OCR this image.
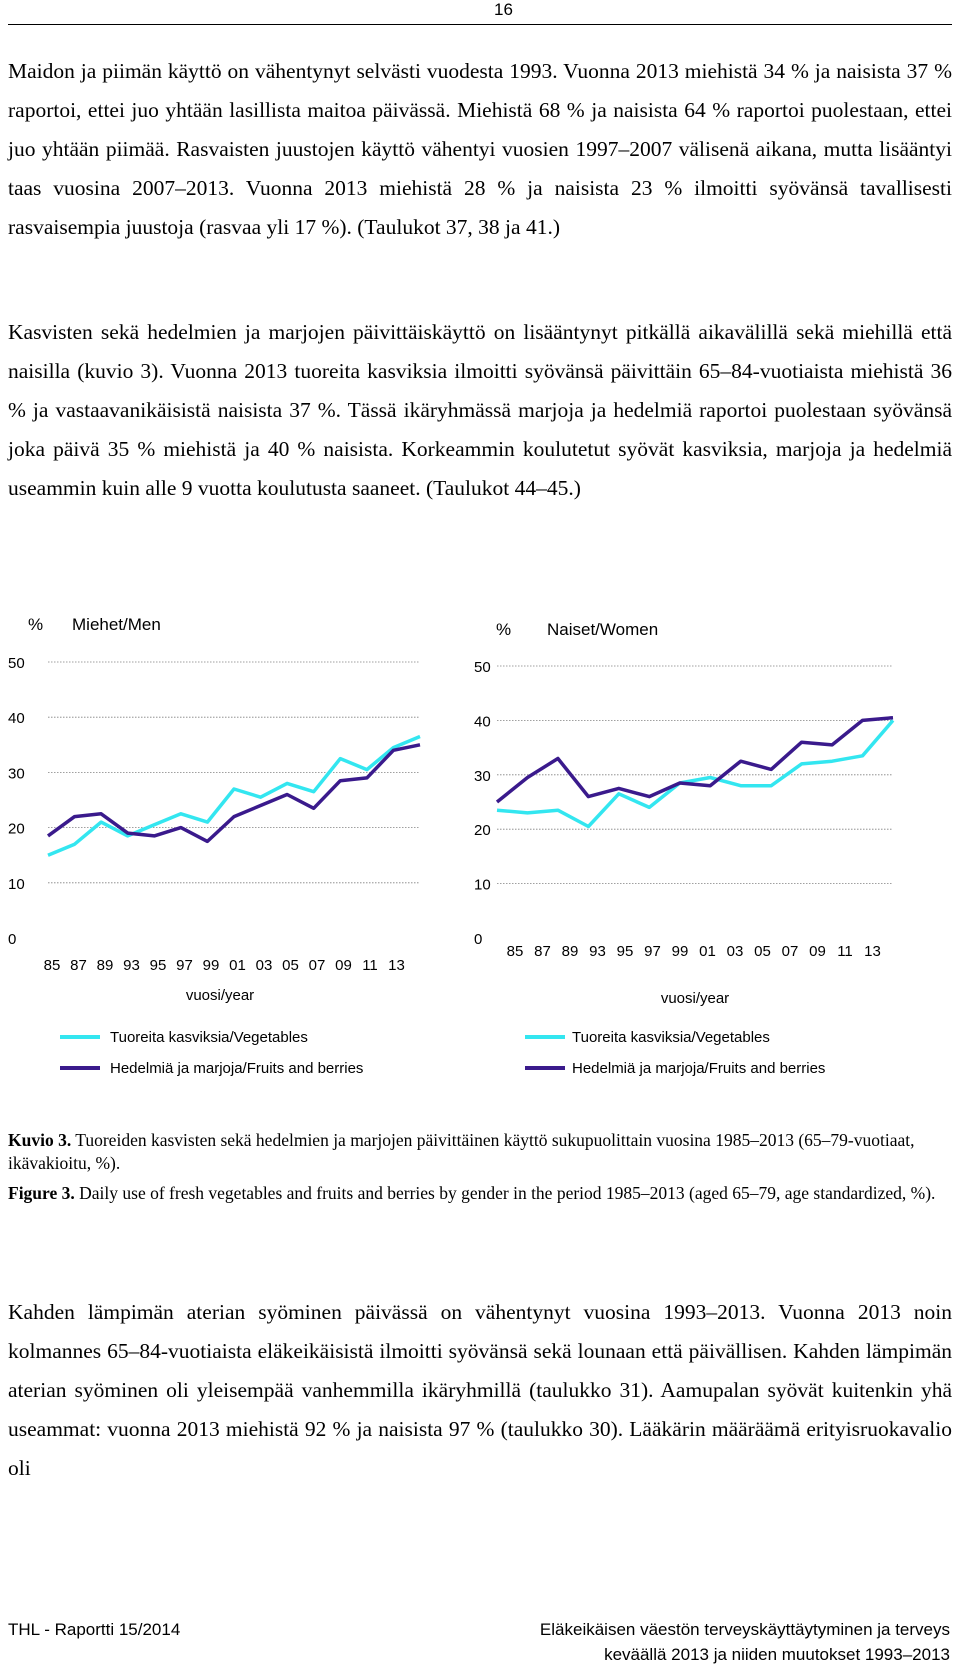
16

Maidon ja piimän käyttö on vähentynyt selvästi vuodesta 1993. Vuonna 2013 miehistä 34 % ja naisista 37 % raportoi, ettei juo yhtään lasillista maitoa päivässä. Miehistä 68 % ja naisista 64 % raportoi puolestaan, ettei juo yhtään piimää. Rasvaisten juustojen käyttö vähentyi vuosien 1997–2007 välisenä aikana, mutta lisääntyi taas vuosina 2007–2013. Vuonna 2013 miehistä 28 % ja naisista 23 % ilmoitti syövänsä tavallisesti rasvaisempia juustoja (rasvaa yli 17 %). (Taulukot 37, 38 ja 41.)

Kasvisten sekä hedelmien ja marjojen päivittäiskäyttö on lisääntynyt pitkällä aikavälillä sekä miehillä että naisilla (kuvio 3). Vuonna 2013 tuoreita kasviksia ilmoitti syövänsä päivittäin 65–84-vuotiaista miehistä 36 % ja vastaavanikäisistä naisista 37 %. Tässä ikäryhmässä marjoja ja hedelmiä raportoi puolestaan syövänsä joka päivä 35 % miehistä ja 40 % naisista. Korkeammin koulutetut syövät kasviksia, marjoja ja hedelmiä useammin kuin alle 9 vuotta koulutusta saaneet. (Taulukot 44–45.)

% Miehet/Men
0
10
20
30
40
50
85 87 89 93 95 97 99 01 03 05 07 09 11 13
vuosi/year
Tuoreita kasviksia/Vegetables
Hedelmiä ja marjoja/Fruits and berries
% Naiset/Women
0
10
20
30
40
50
85 87 89 93 95 97 99 01 03 05 07 09 11 13
vuosi/year
Tuoreita kasviksia/Vegetables
Hedelmiä ja marjoja/Fruits and berries

Kuvio 3. Tuoreiden kasvisten sekä hedelmien ja marjojen päivittäinen käyttö sukupuolittain vuosina 1985–2013 (65–79-vuotiaat, ikävakioitu, %).

Figure 3. Daily use of fresh vegetables and fruits and berries by gender in the period 1985–2013 (aged 65–79, age standardized, %).

Kahden lämpimän aterian syöminen päivässä on vähentynyt vuosina 1993–2013. Vuonna 2013 noin kolmannes 65–84-vuotiaista eläkeikäisistä ilmoitti syövänsä sekä lounaan että päivällisen. Kahden lämpimän aterian syöminen oli yleisempää vanhemmilla ikäryhmillä (taulukko 31). Aamupalan syövät kuitenkin yhä useammat: vuonna 2013 miehistä 92 % ja naisista 97 % (taulukko 30). Lääkärin määräämä erityisruokavalio oli

THL - Raportti 15/2014	Eläkeikäisen väestön terveyskäyttäytyminen ja terveys
keväällä 2013 ja niiden muutokset 1993–2013
